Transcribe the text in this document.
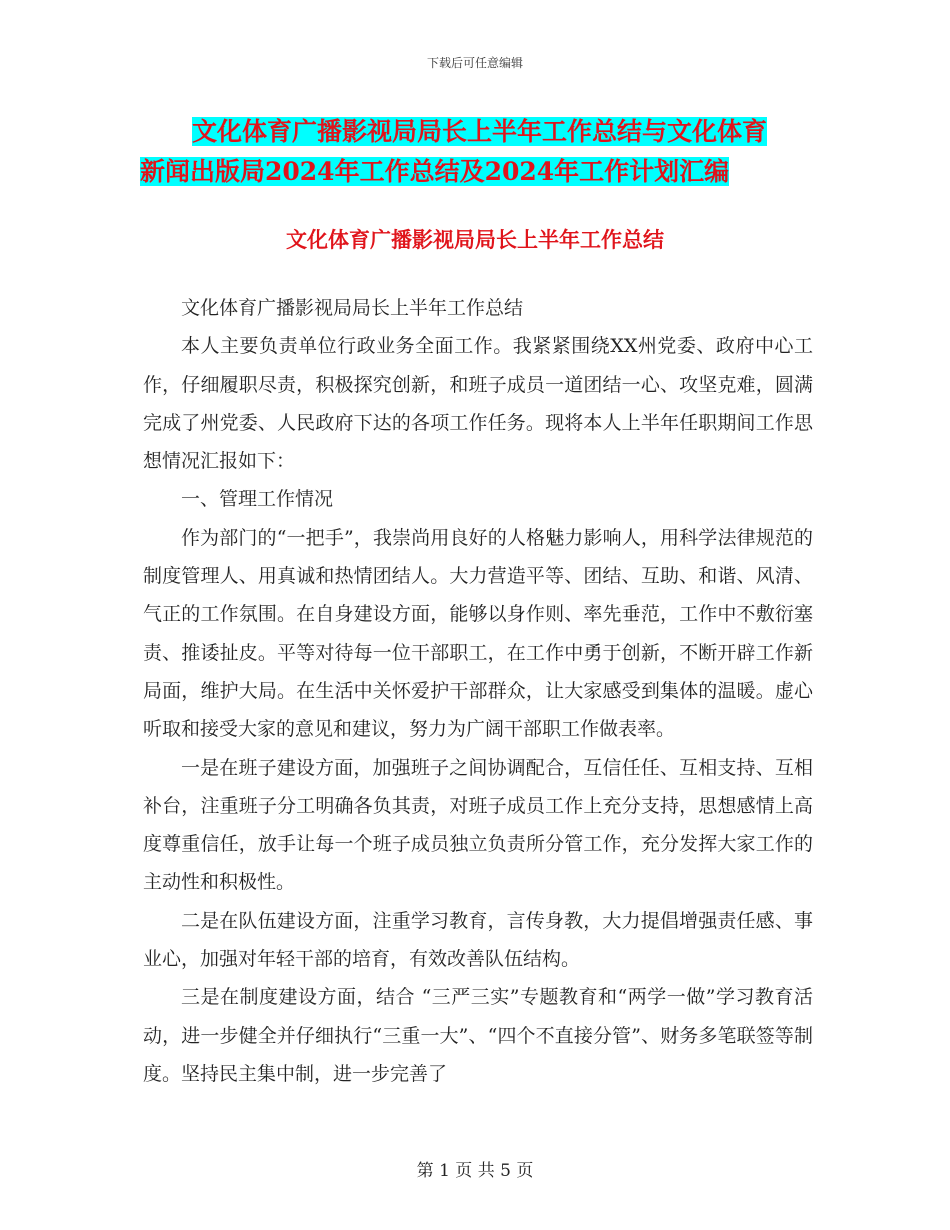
下载后可任意编辑
文化体育广播影视局局长上半年工作总结与文化体育
新闻出版局2024年工作总结及2024年工作计划汇编
文化体育广播影视局局长上半年工作总结

文化体育广播影视局局长上半年工作总结

本人主要负责单位行政业务全面工作。我紧紧围绕XX州党委、政府中心工作，仔细履职尽责，积极探究创新，和班子成员一道团结一心、攻坚克难，圆满完成了州党委、人民政府下达的各项工作任务。现将本人上半年任职期间工作思想情况汇报如下：

一、管理工作情况

作为部门的“一把手”，我崇尚用良好的人格魅力影响人，用科学法律规范的制度管理人、用真诚和热情团结人。大力营造平等、团结、互助、和谐、风清、气正的工作氛围。在自身建设方面，能够以身作则、率先垂范，工作中不敷衍塞责、推诿扯皮。平等对待每一位干部职工，在工作中勇于创新，不断开辟工作新局面，维护大局。在生活中关怀爱护干部群众，让大家感受到集体的温暖。虚心听取和接受大家的意见和建议，努力为广阔干部职工作做表率。

一是在班子建设方面，加强班子之间协调配合，互信任任、互相支持、互相补台，注重班子分工明确各负其责，对班子成员工作上充分支持，思想感情上高度尊重信任，放手让每一个班子成员独立负责所分管工作，充分发挥大家工作的主动性和积极性。

二是在队伍建设方面，注重学习教育，言传身教，大力提倡增强责任感、事业心，加强对年轻干部的培育，有效改善队伍结构。

三是在制度建设方面，结合 “三严三实”专题教育和“两学一做”学习教育活动，进一步健全并仔细执行“三重一大”、“四个不直接分管”、财务多笔联签等制度。坚持民主集中制，进一步完善了

第 1 页 共 5 页
